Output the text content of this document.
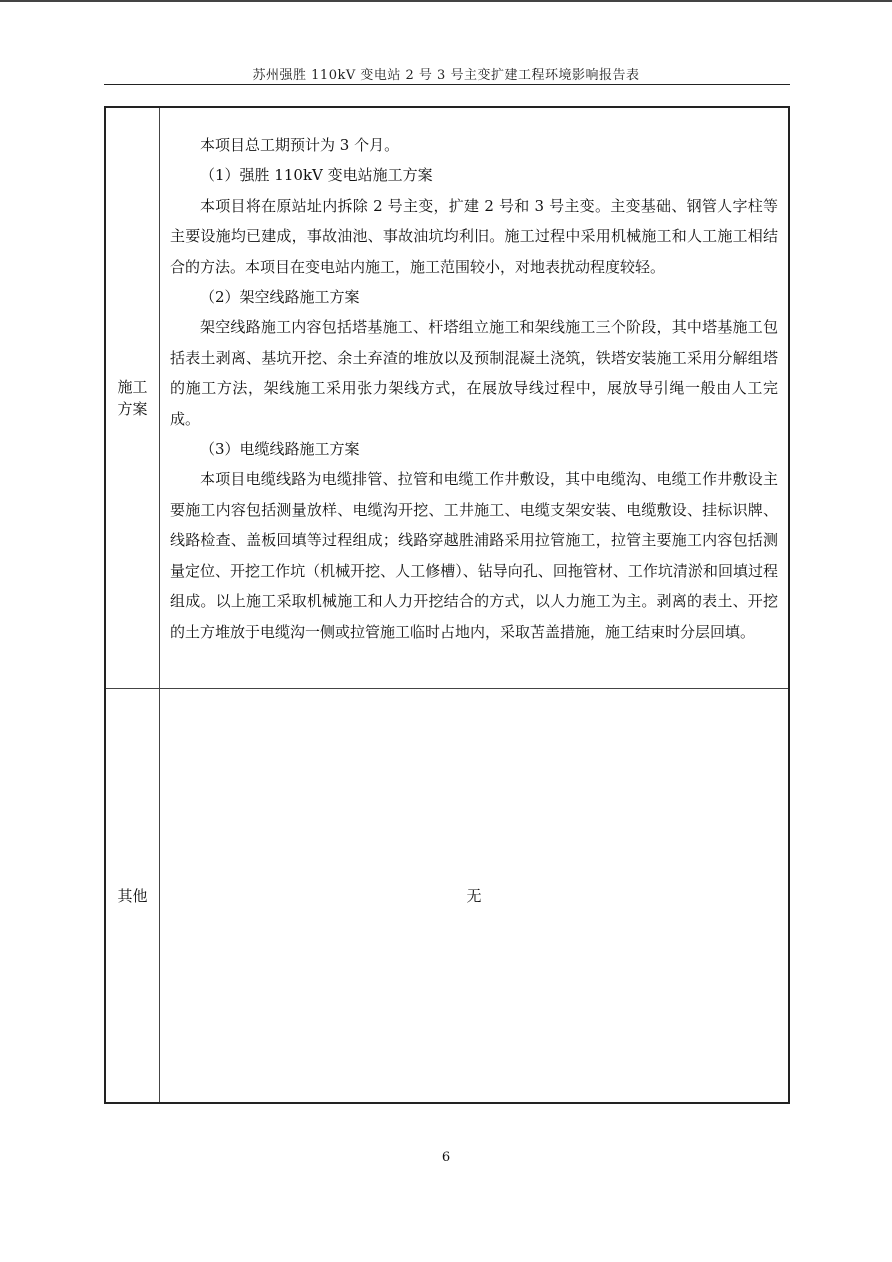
苏州强胜 110kV 变电站 2 号 3 号主变扩建工程环境影响报告表
施工方案

本项目总工期预计为 3 个月。

（1）强胜 110kV 变电站施工方案

本项目将在原站址内拆除 2 号主变，扩建 2 号和 3 号主变。主变基础、钢管人字柱等主要设施均已建成，事故油池、事故油坑均利旧。施工过程中采用机械施工和人工施工相结合的方法。本项目在变电站内施工，施工范围较小，对地表扰动程度较轻。

（2）架空线路施工方案

架空线路施工内容包括塔基施工、杆塔组立施工和架线施工三个阶段，其中塔基施工包括表土剥离、基坑开挖、余土弃渣的堆放以及预制混凝土浇筑，铁塔安装施工采用分解组塔的施工方法，架线施工采用张力架线方式，在展放导线过程中，展放导引绳一般由人工完成。

（3）电缆线路施工方案

本项目电缆线路为电缆排管、拉管和电缆工作井敷设，其中电缆沟、电缆工作井敷设主要施工内容包括测量放样、电缆沟开挖、工井施工、电缆支架安装、电缆敷设、挂标识牌、线路检查、盖板回填等过程组成；线路穿越胜浦路采用拉管施工，拉管主要施工内容包括测量定位、开挖工作坑（机械开挖、人工修槽）、钻导向孔、回拖管材、工作坑清淤和回填过程组成。以上施工采取机械施工和人力开挖结合的方式，以人力施工为主。剥离的表土、开挖的土方堆放于电缆沟一侧或拉管施工临时占地内，采取苫盖措施，施工结束时分层回填。

其他	无
6
